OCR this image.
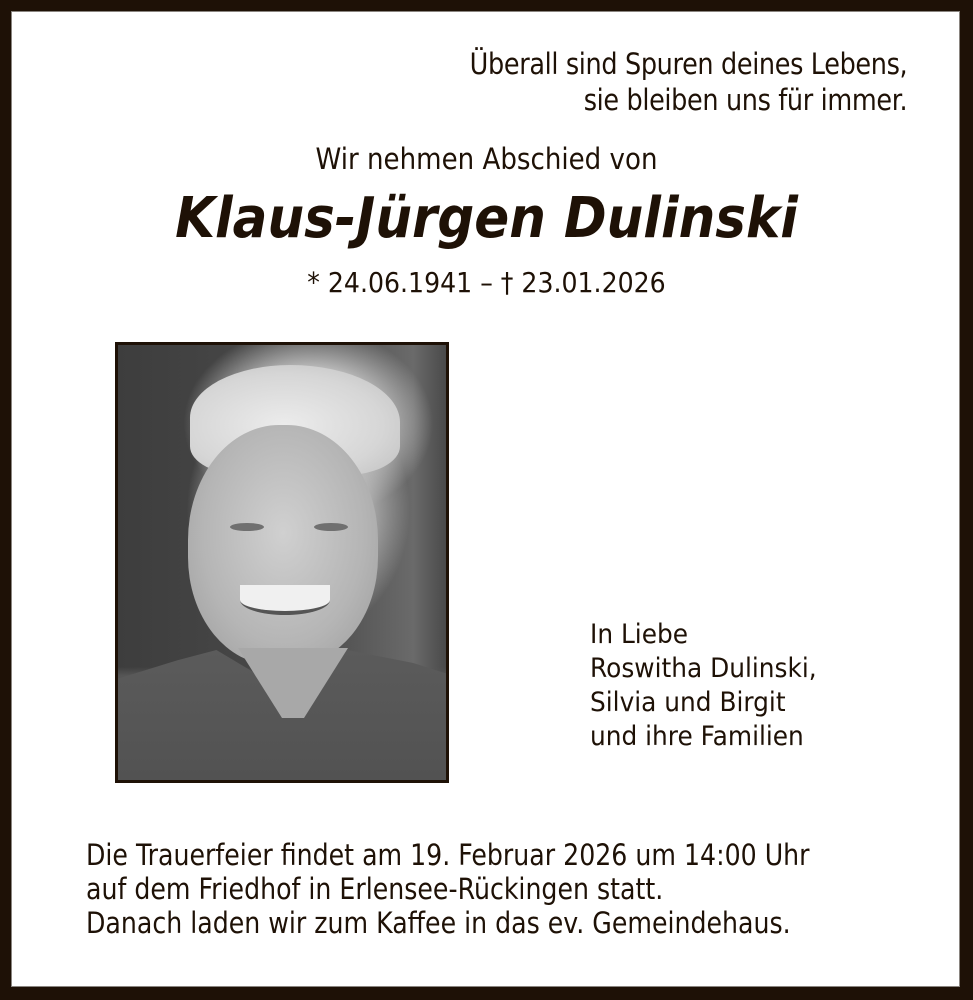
Überall sind Spuren deines Lebens,
sie bleiben uns für immer.
Wir nehmen Abschied von
Klaus-Jürgen Dulinski
* 24.06.1941 – † 23.01.2026
In Liebe
Roswitha Dulinski,
Silvia und Birgit
und ihre Familien
Die Trauerfeier findet am 19. Februar 2026 um 14:00 Uhr
auf dem Friedhof in Erlensee-Rückingen statt.
Danach laden wir zum Kaffee in das ev. Gemeindehaus.
